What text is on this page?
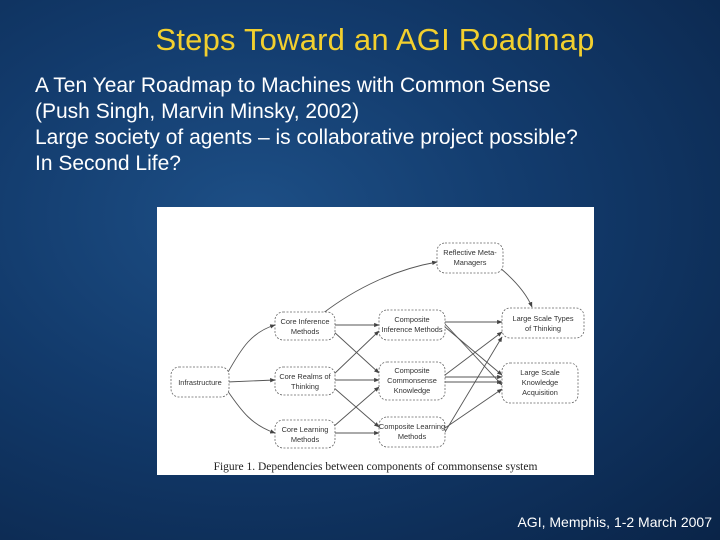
Steps Toward an AGI Roadmap
A Ten Year Roadmap to Machines with Common Sense
(Push Singh, Marvin Minsky, 2002)
Large society of agents – is collaborative project possible?
In Second Life?
Reflective Meta-
Managers
Core Inference
Methods
Composite
Inference Methods
Large Scale Types
of Thinking
Infrastructure
Core Realms of
Thinking
Composite
Commonsense
Knowledge
Large Scale
Knowledge
Acquisition
Core Learning
Methods
Composite Learning
Methods
Figure 1. Dependencies between components of commonsense system
AGI, Memphis, 1-2 March 2007
